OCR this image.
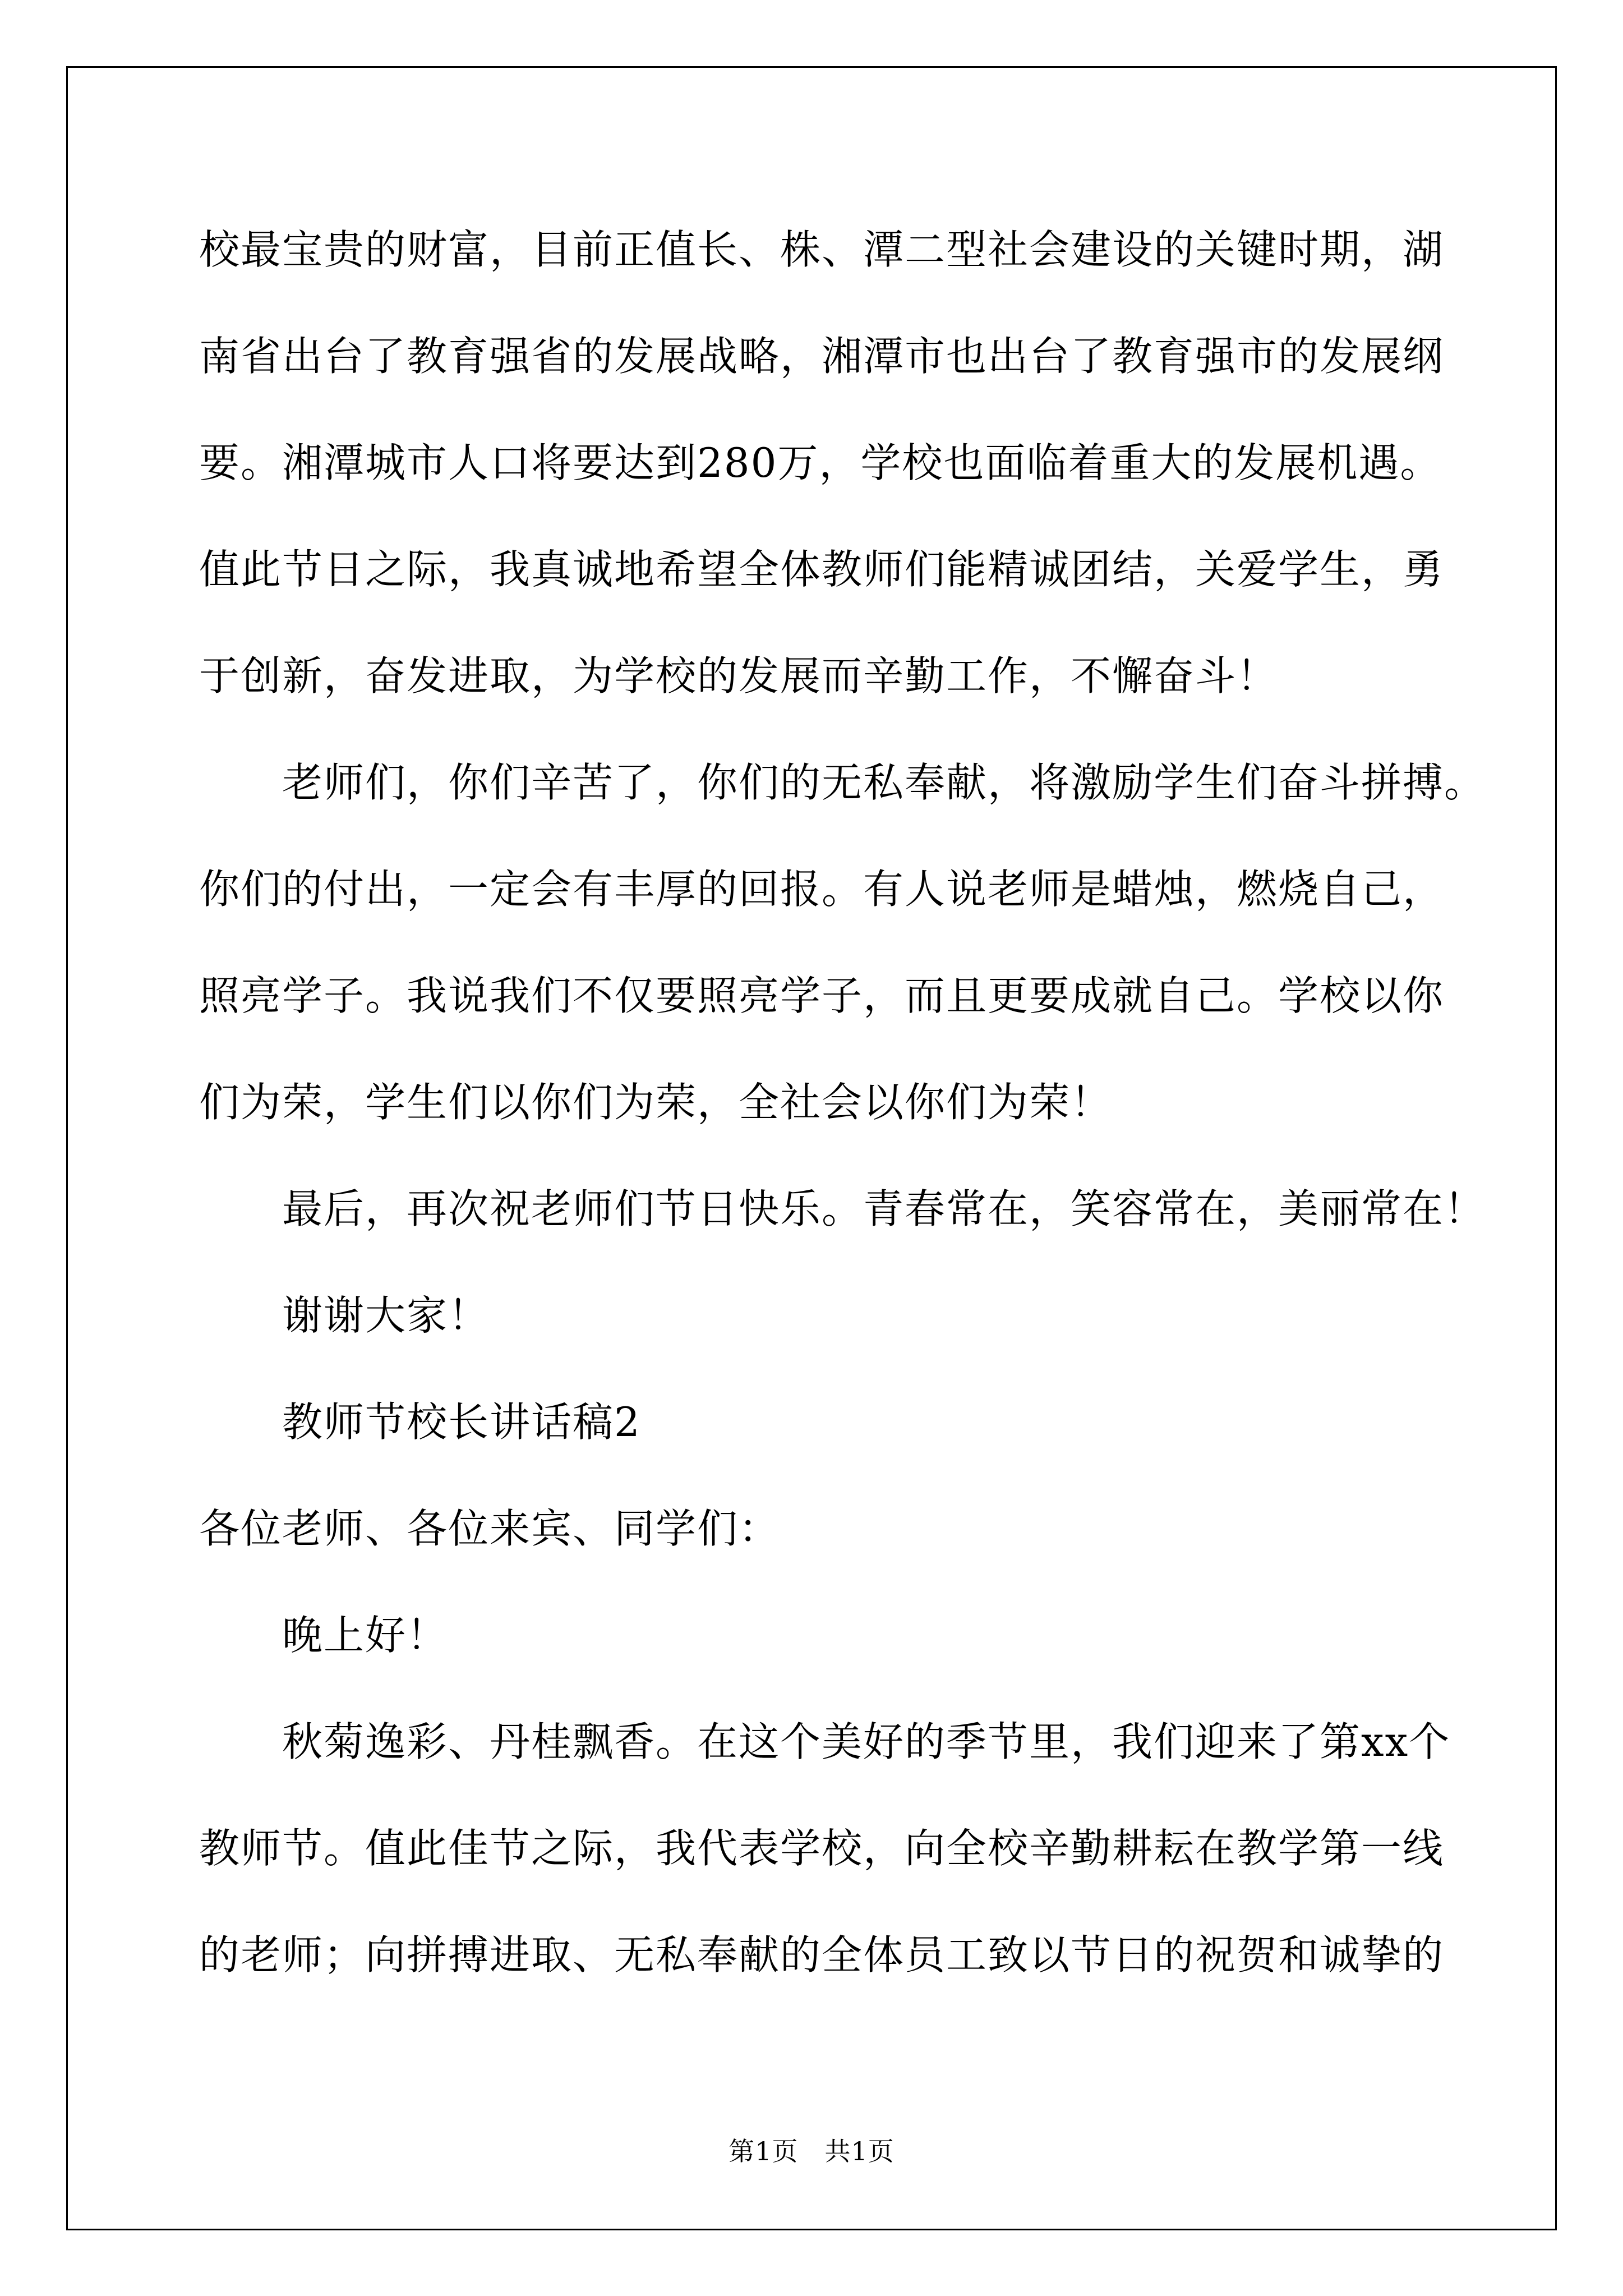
校最宝贵的财富，目前正值长、株、潭二型社会建设的关键时期，湖
南省出台了教育强省的发展战略，湘潭市也出台了教育强市的发展纲
要。湘潭城市人口将要达到280万，学校也面临着重大的发展机遇。
值此节日之际，我真诚地希望全体教师们能精诚团结，关爱学生，勇
于创新，奋发进取，为学校的发展而辛勤工作，不懈奋斗！
老师们，你们辛苦了，你们的无私奉献，将激励学生们奋斗拼搏。
你们的付出，一定会有丰厚的回报。有人说老师是蜡烛，燃烧自己，
照亮学子。我说我们不仅要照亮学子，而且更要成就自己。学校以你
们为荣，学生们以你们为荣，全社会以你们为荣！
最后，再次祝老师们节日快乐。青春常在，笑容常在，美丽常在！
谢谢大家！
教师节校长讲话稿2
各位老师、各位来宾、同学们：
晚上好！
秋菊逸彩、丹桂飘香。在这个美好的季节里，我们迎来了第xx个
教师节。值此佳节之际，我代表学校，向全校辛勤耕耘在教学第一线
的老师；向拼搏进取、无私奉献的全体员工致以节日的祝贺和诚挚的
第1页　共1页
